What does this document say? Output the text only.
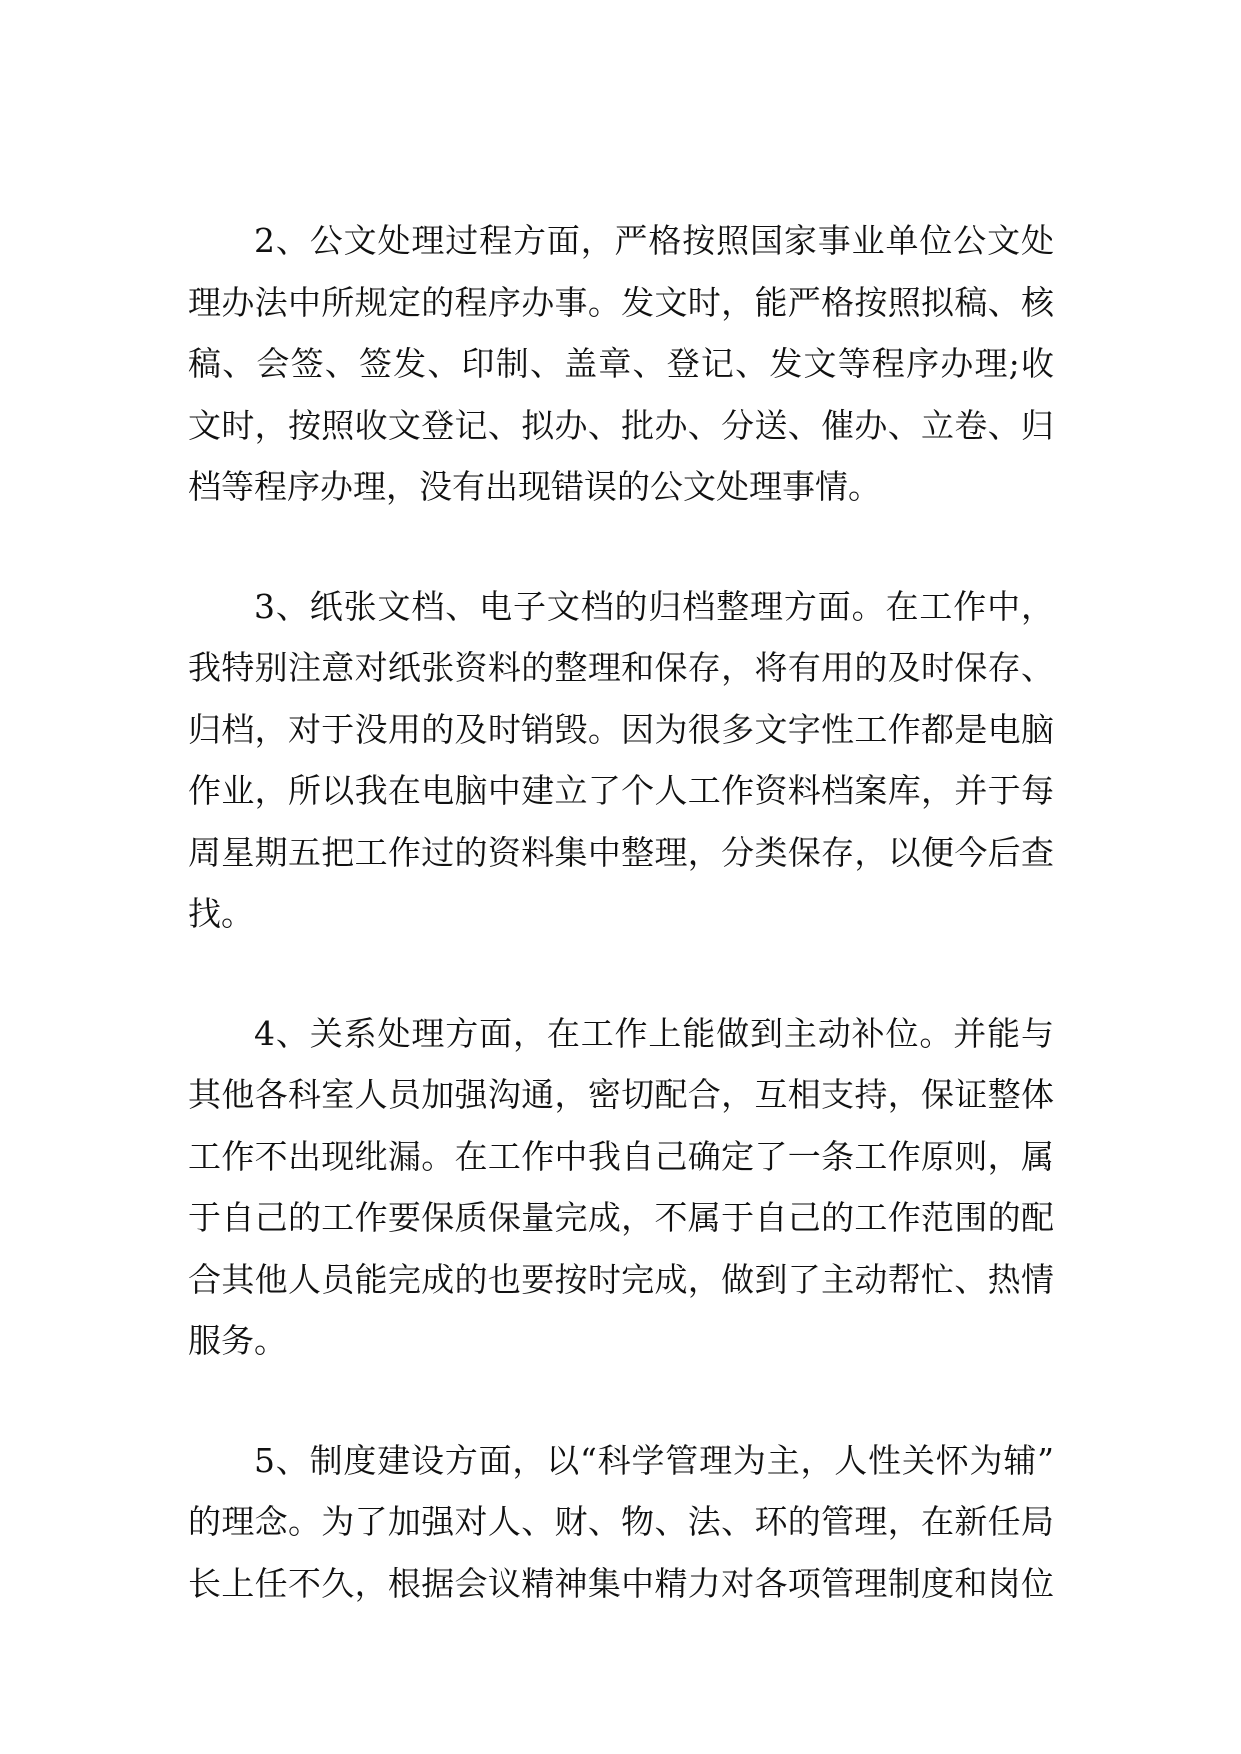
2、公文处理过程方面，严格按照国家事业单位公文处
理办法中所规定的程序办事。发文时，能严格按照拟稿、核
稿、会签、签发、印制、盖章、登记、发文等程序办理;收
文时，按照收文登记、拟办、批办、分送、催办、立卷、归
档等程序办理，没有出现错误的公文处理事情。
3、纸张文档、电子文档的归档整理方面。在工作中，
我特别注意对纸张资料的整理和保存，将有用的及时保存、
归档，对于没用的及时销毁。因为很多文字性工作都是电脑
作业，所以我在电脑中建立了个人工作资料档案库，并于每
周星期五把工作过的资料集中整理，分类保存，以便今后查
找。
4、关系处理方面，在工作上能做到主动补位。并能与
其他各科室人员加强沟通，密切配合，互相支持，保证整体
工作不出现纰漏。在工作中我自己确定了一条工作原则，属
于自己的工作要保质保量完成，不属于自己的工作范围的配
合其他人员能完成的也要按时完成，做到了主动帮忙、热情
服务。
5、制度建设方面，以“科学管理为主，人性关怀为辅”
的理念。为了加强对人、财、物、法、环的管理，在新任局
长上任不久，根据会议精神集中精力对各项管理制度和岗位
